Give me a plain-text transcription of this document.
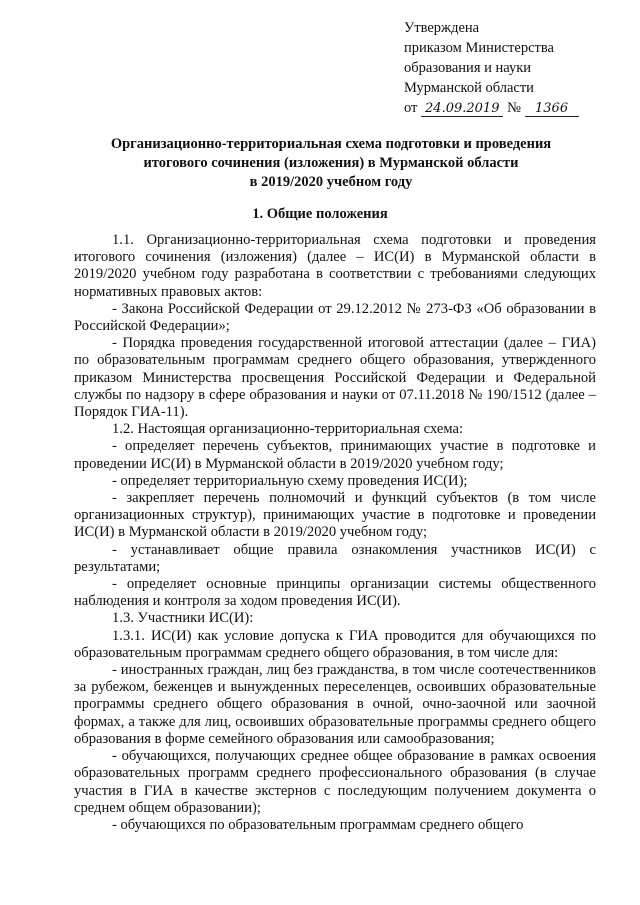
Утверждена
приказом Министерства
образования и науки
Мурманской области
от 24.09.2019 № 1366
Организационно-территориальная схема подготовки и проведения
итогового сочинения (изложения) в Мурманской области
в 2019/2020 учебном году
1. Общие положения

1.1. Организационно-территориальная схема подготовки и проведения итогового сочинения (изложения) (далее – ИС(И) в Мурманской области в 2019/2020 учебном году разработана в соответствии с требованиями следующих нормативных правовых актов:

- Закона Российской Федерации от 29.12.2012 № 273-ФЗ «Об образовании в Российской Федерации»;

- Порядка проведения государственной итоговой аттестации (далее – ГИА) по образовательным программам среднего общего образования, утвержденного приказом Министерства просвещения Российской Федерации и Федеральной службы по надзору в сфере образования и науки от 07.11.2018 № 190/1512 (далее – Порядок ГИА-11).

1.2. Настоящая организационно-территориальная схема:

- определяет перечень субъектов, принимающих участие в подготовке и проведении ИС(И) в Мурманской области в 2019/2020 учебном году;

- определяет территориальную схему проведения ИС(И);

- закрепляет перечень полномочий и функций субъектов (в том числе организационных структур), принимающих участие в подготовке и проведении ИС(И) в Мурманской области в 2019/2020 учебном году;

- устанавливает общие правила ознакомления участников ИС(И) с результатами;

- определяет основные принципы организации системы общественного наблюдения и контроля за ходом проведения ИС(И).

1.3. Участники ИС(И):

1.3.1. ИС(И) как условие допуска к ГИА проводится для обучающихся по образовательным программам среднего общего образования, в том числе для:

- иностранных граждан, лиц без гражданства, в том числе соотечественников за рубежом, беженцев и вынужденных переселенцев, освоивших образовательные программы среднего общего образования в очной, очно-заочной или заочной формах, а также для лиц, освоивших образовательные программы среднего общего образования в форме семейного образования или самообразования;

- обучающихся, получающих среднее общее образование в рамках освоения образовательных программ среднего профессионального образования (в случае участия в ГИА в качестве экстернов с последующим получением документа о среднем общем образовании);

- обучающихся по образовательным программам среднего общего
